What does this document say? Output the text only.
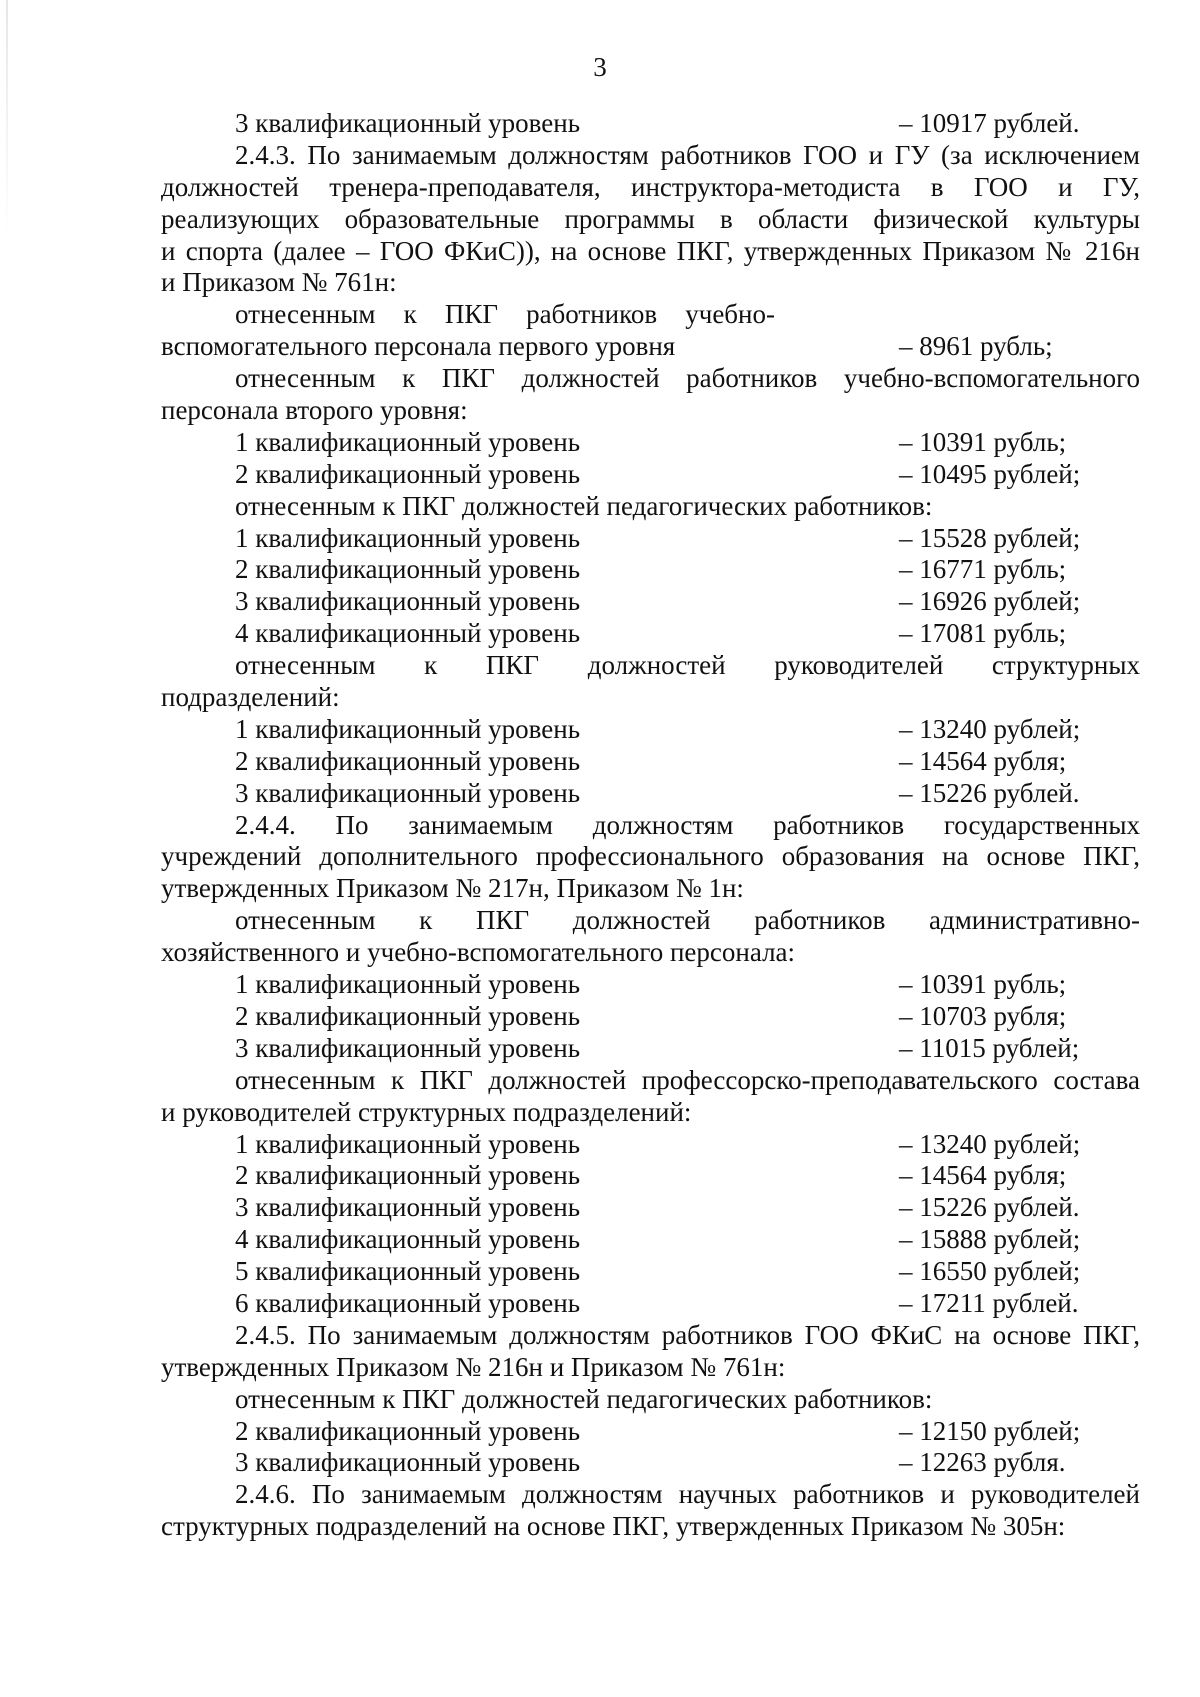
3
3 квалификационный уровень	– 10917 рублей.
2.4.3. По занимаемым должностям работников ГОО и ГУ (за исключением
должностей тренера-преподавателя, инструктора-методиста в ГОО и ГУ,
реализующих образовательные программы в области физической культуры
и спорта (далее – ГОО ФКиС)), на основе ПКГ, утвержденных Приказом № 216н
и Приказом № 761н:
отнесенным к ПКГ работников учебно-
вспомогательного персонала первого уровня	– 8961 рубль;
отнесенным к ПКГ должностей работников учебно-вспомогательного
персонала второго уровня:
1 квалификационный уровень	– 10391 рубль;
2 квалификационный уровень	– 10495 рублей;
отнесенным к ПКГ должностей педагогических работников:
1 квалификационный уровень	– 15528 рублей;
2 квалификационный уровень	– 16771 рубль;
3 квалификационный уровень	– 16926 рублей;
4 квалификационный уровень	– 17081 рубль;
отнесенным к ПКГ должностей руководителей структурных
подразделений:
1 квалификационный уровень	– 13240 рублей;
2 квалификационный уровень	– 14564 рубля;
3 квалификационный уровень	– 15226 рублей.
2.4.4. По занимаемым должностям работников государственных
учреждений дополнительного профессионального образования на основе ПКГ,
утвержденных Приказом № 217н, Приказом № 1н:
отнесенным к ПКГ должностей работников административно-
хозяйственного и учебно-вспомогательного персонала:
1 квалификационный уровень	– 10391 рубль;
2 квалификационный уровень	– 10703 рубля;
3 квалификационный уровень	– 11015 рублей;
отнесенным к ПКГ должностей профессорско-преподавательского состава
и руководителей структурных подразделений:
1 квалификационный уровень	– 13240 рублей;
2 квалификационный уровень	– 14564 рубля;
3 квалификационный уровень	– 15226 рублей.
4 квалификационный уровень	– 15888 рублей;
5 квалификационный уровень	– 16550 рублей;
6 квалификационный уровень	– 17211 рублей.
2.4.5. По занимаемым должностям работников ГОО ФКиС на основе ПКГ,
утвержденных Приказом № 216н и Приказом № 761н:
отнесенным к ПКГ должностей педагогических работников:
2 квалификационный уровень	– 12150 рублей;
3 квалификационный уровень	– 12263 рубля.
2.4.6. По занимаемым должностям научных работников и руководителей
структурных подразделений на основе ПКГ, утвержденных Приказом № 305н:
